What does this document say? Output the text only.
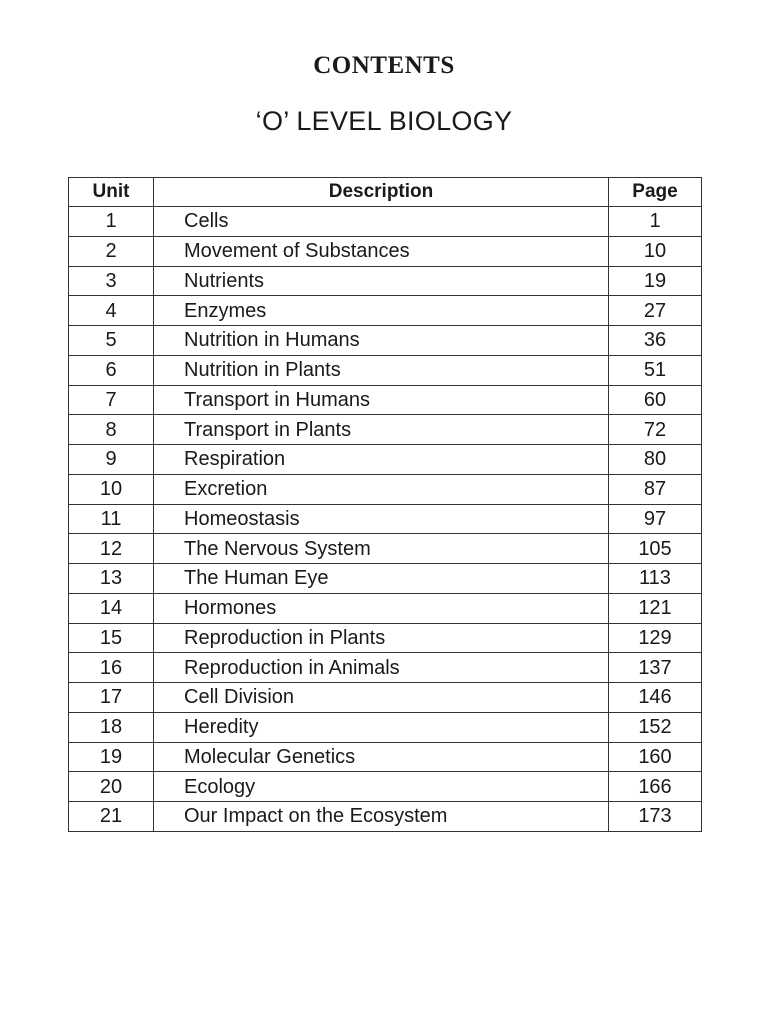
CONTENTS
‘O’ LEVEL BIOLOGY
Unit	Description	Page
1	Cells	1
2	Movement of Substances	10
3	Nutrients	19
4	Enzymes	27
5	Nutrition in Humans	36
6	Nutrition in Plants	51
7	Transport in Humans	60
8	Transport in Plants	72
9	Respiration	80
10	Excretion	87
11	Homeostasis	97
12	The Nervous System	105
13	The Human Eye	113
14	Hormones	121
15	Reproduction in Plants	129
16	Reproduction in Animals	137
17	Cell Division	146
18	Heredity	152
19	Molecular Genetics	160
20	Ecology	166
21	Our Impact on the Ecosystem	173
